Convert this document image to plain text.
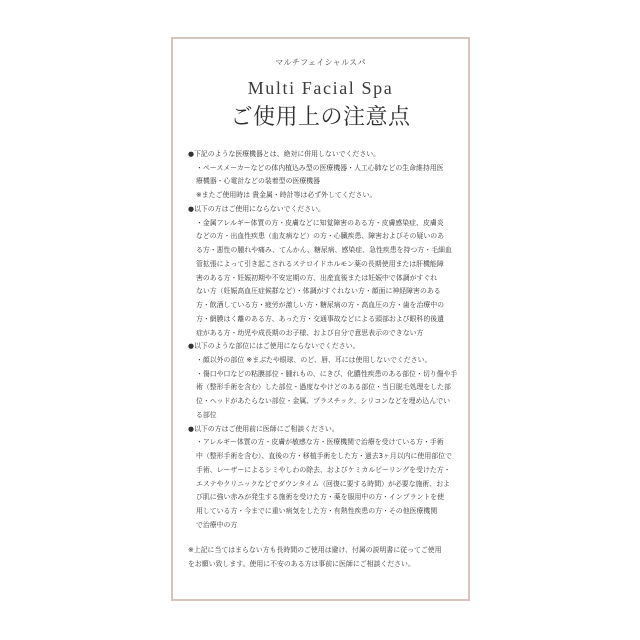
マルチフェイシャルスパ
Multi Facial Spa
ご使用上の注意点
●下記のような医療機器とは、絶対に併用しないでください。
・ペースメーカーなどの体内植込み型の医療機器・人工心肺などの生命維持用医
療機器・心電計などの装着型の医療機器
※またご使用時は 貴金属・時計等は必ず外してください。
●以下の方はご使用にならないでください。
・金属アレルギー体質の方・皮膚などに知覚障害のある方・皮膚感染症、皮膚炎
などの方・出血性疾患（血友病など）の方・心臓疾患、障害およびその疑いのあ
る方・悪性の腫れや痛み、てんかん、糖尿病、感染症、急性疾患を持つ方・毛細血
管拡張によって引き起こされるステロイドホルモン薬の長期使用または肝機能障
害のある方・妊娠初期や不安定期の方、出産直後または妊娠中で体調がすぐれ
ない方（妊娠高血圧症候群など）・体調がすぐれない方・顔面に神経障害のある
方・飲酒している方・疲労が激しい方・糖尿病の方・高血圧の方・歯を治療中の
方・網膜はく離のある方、あった方・交通事故などによる頭部および眼科的後遺
症がある方・幼児や成長期のお子様、および自分で意思表示のできない方
●以下のような部位にはご使用にならないでください。
・顔以外の部位 ※まぶたや眼球、のど、唇、耳には使用しないでください。
・傷口や口などの粘膜部位・腫れもの、にきび、化膿性疾患のある部位・切り傷や手
術（整形手術を含む）した部位・過度なやけどのある部位・当日脱毛処理をした部
位・ヘッドがあたらない部位・金属、プラスチック、シリコンなどを埋め込んでい
る部位
●以下の方はご使用前に医師にご相談ください。
・アレルギー体質の方・皮膚が敏感な方・医療機関で治療を受けている方・手術
中（整形手術を含む）、直後の方・移植手術をした方・過去3ヶ月以内に使用部位で
手術、レーザーによるシミやしわの除去、およびケミカルピーリングを受けた方・
エステやクリニックなどでダウンタイム（回復に要する時間）が必要な施術、およ
び肌に強い赤みが発生する施術を受けた方・薬を服用中の方・インプラントを使
用している方・今までに重い病気をした方・有熱性疾患の方・その他医療機関
で治療中の方
※上記に当てはまらない方も長時間のご使用は避け、付属の説明書に従ってご使用
をお願い致します。使用に不安のある方は事前に医師にご相談ください。
